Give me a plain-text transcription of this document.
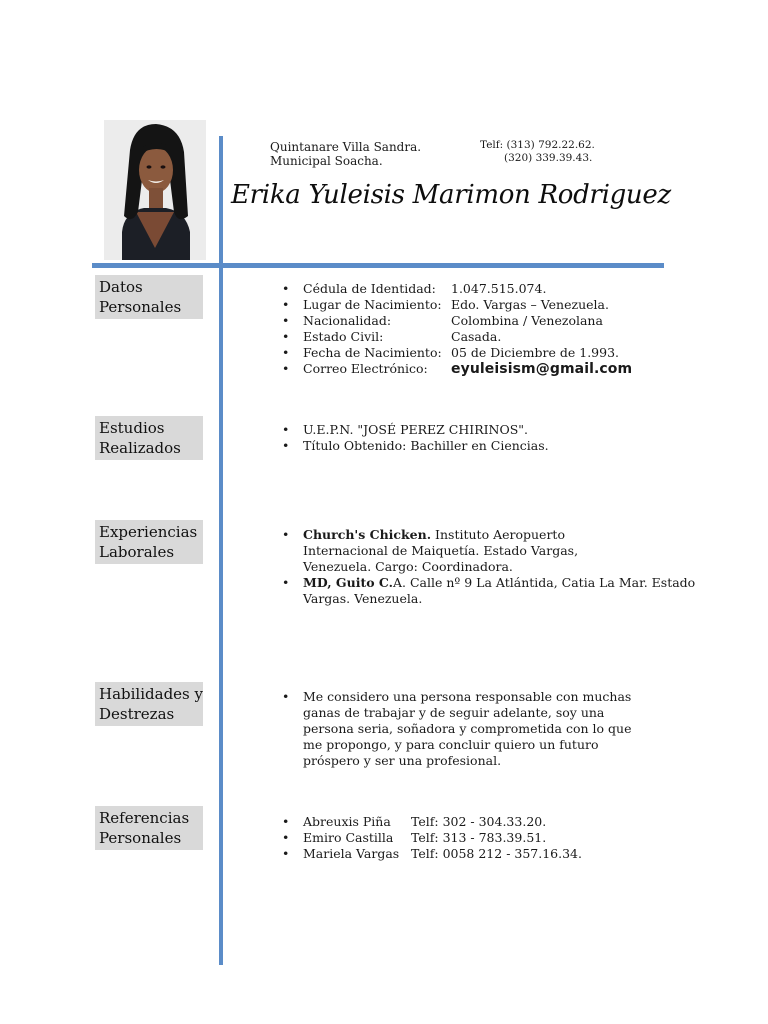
Quintanare Villa Sandra.
Municipal Soacha.
Telf: (313) 792.22.62.
(320) 339.39.43.
Erika Yuleisis Marimon Rodriguez
Datos
Personales
• Cédula de Identidad: 1.047.515.074.
• Lugar de Nacimiento: Edo. Vargas – Venezuela.
• Nacionalidad:	Colombina / Venezolana
• Estado Civil:	Casada.
• Fecha de Nacimiento: 05 de Diciembre de 1.993.
• Correo Electrónico: eyuleisism@gmail.com
Estudios
Realizados
• U.E.P.N. "JOSÉ PEREZ CHIRINOS".
• Título Obtenido: Bachiller en Ciencias.
Experiencias
Laborales
• Church's Chicken. Instituto Aeropuerto
Internacional de Maiquetía. Estado Vargas,
Venezuela. Cargo: Coordinadora.
• MD, Guito C.A. Calle nº 9 La Atlántida, Catia La Mar. Estado
Vargas. Venezuela.
Habilidades y
Destrezas
• Me considero una persona responsable con muchas
ganas de trabajar y de seguir adelante, soy una
persona seria, soñadora y comprometida con lo que
me propongo, y para concluir quiero un futuro
próspero y ser una profesional.
Referencias
Personales
• Abreuxis Piña Telf: 302 - 304.33.20.
• Emiro Castilla Telf: 313 - 783.39.51.
• Mariela Vargas Telf: 0058 212 - 357.16.34.
